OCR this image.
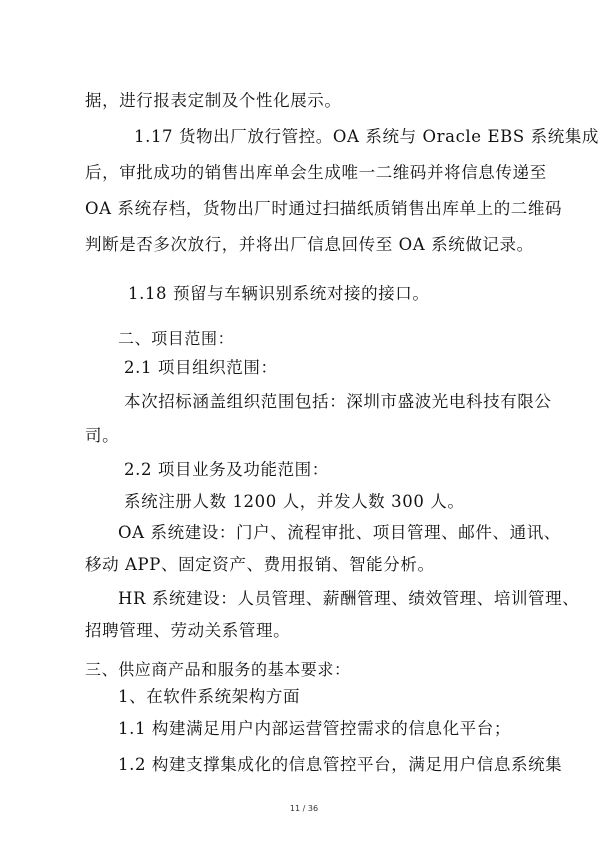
据，进行报表定制及个性化展示。
1.17 货物出厂放行管控。OA 系统与 Oracle EBS 系统集成
后，审批成功的销售出库单会生成唯一二维码并将信息传递至
OA 系统存档，货物出厂时通过扫描纸质销售出库单上的二维码
判断是否多次放行，并将出厂信息回传至 OA 系统做记录。
1.18 预留与车辆识别系统对接的接口。
二、项目范围：
2.1 项目组织范围：
本次招标涵盖组织范围包括：深圳市盛波光电科技有限公
司。
2.2 项目业务及功能范围：
系统注册人数 1200 人，并发人数 300 人。
OA 系统建设：门户、流程审批、项目管理、邮件、通讯、
移动 APP、固定资产、费用报销、智能分析。
HR 系统建设：人员管理、薪酬管理、绩效管理、培训管理、
招聘管理、劳动关系管理。
三、供应商产品和服务的基本要求：
1、在软件系统架构方面
1.1 构建满足用户内部运营管控需求的信息化平台；
1.2 构建支撑集成化的信息管控平台，满足用户信息系统集
11 / 36
